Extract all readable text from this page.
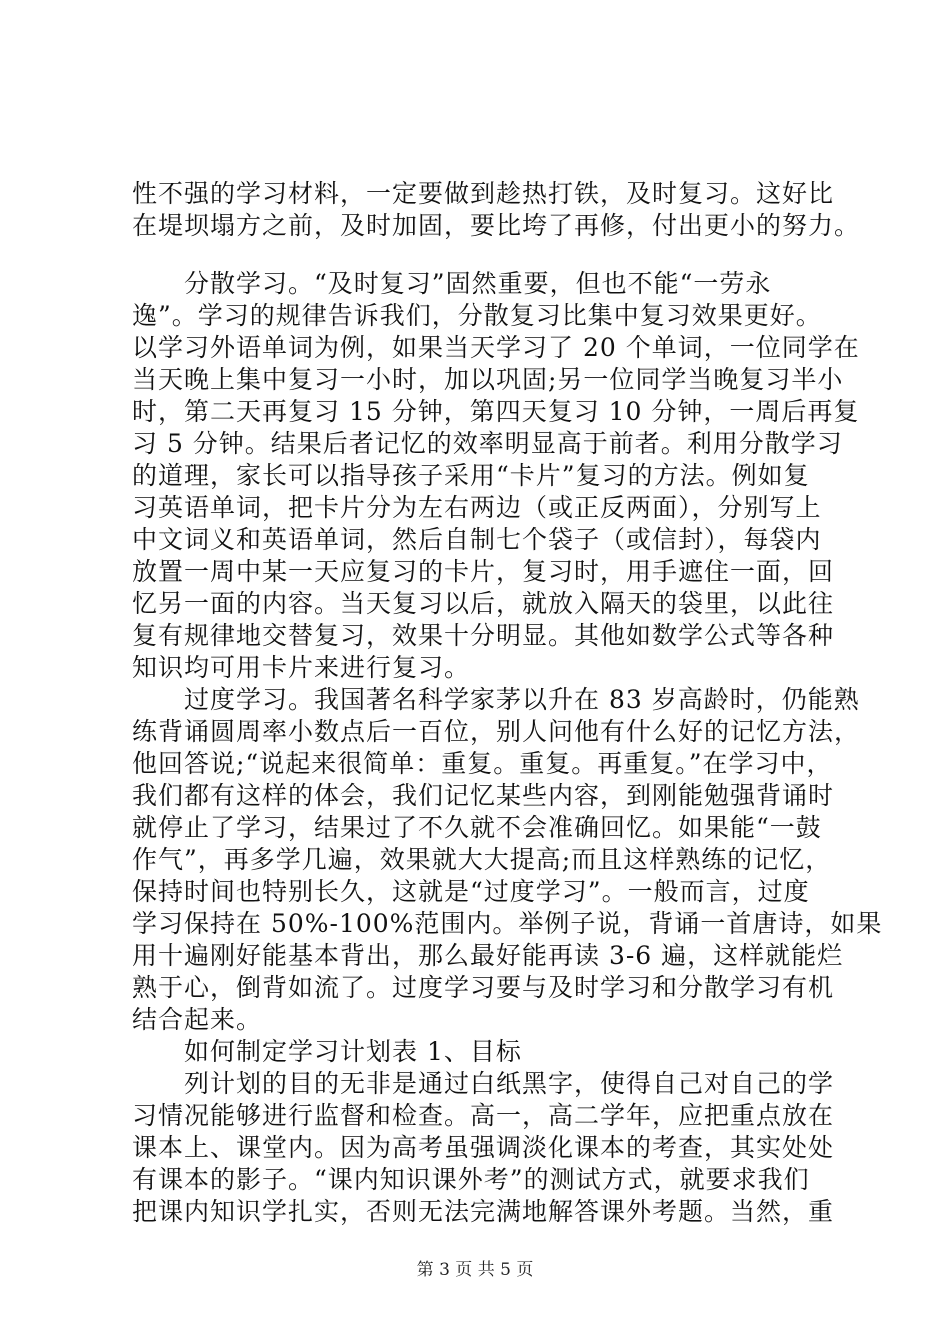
性不强的学习材料，一定要做到趁热打铁，及时复习。这好比
在堤坝塌方之前，及时加固，要比垮了再修，付出更小的努力。
　　分散学习。“及时复习”固然重要，但也不能“一劳永
逸”。学习的规律告诉我们，分散复习比集中复习效果更好。
以学习外语单词为例，如果当天学习了 20 个单词，一位同学在
当天晚上集中复习一小时，加以巩固;另一位同学当晚复习半小
时，第二天再复习 15 分钟，第四天复习 10 分钟，一周后再复
习 5 分钟。结果后者记忆的效率明显高于前者。利用分散学习
的道理，家长可以指导孩子采用“卡片”复习的方法。例如复
习英语单词，把卡片分为左右两边（或正反两面），分别写上
中文词义和英语单词，然后自制七个袋子（或信封），每袋内
放置一周中某一天应复习的卡片，复习时，用手遮住一面，回
忆另一面的内容。当天复习以后，就放入隔天的袋里，以此往
复有规律地交替复习，效果十分明显。其他如数学公式等各种
知识均可用卡片来进行复习。
　　过度学习。我国著名科学家茅以升在 83 岁高龄时，仍能熟
练背诵圆周率小数点后一百位，别人问他有什么好的记忆方法，
他回答说;“说起来很简单：重复。重复。再重复。”在学习中，
我们都有这样的体会，我们记忆某些内容，到刚能勉强背诵时
就停止了学习，结果过了不久就不会准确回忆。如果能“一鼓
作气”，再多学几遍，效果就大大提高;而且这样熟练的记忆，
保持时间也特别长久，这就是“过度学习”。一般而言，过度
学习保持在 50%-100%范围内。举例子说，背诵一首唐诗，如果
用十遍刚好能基本背出，那么最好能再读 3-6 遍，这样就能烂
熟于心，倒背如流了。过度学习要与及时学习和分散学习有机
结合起来。
　　如何制定学习计划表 1、目标
　　列计划的目的无非是通过白纸黑字，使得自己对自己的学
习情况能够进行监督和检查。高一，高二学年，应把重点放在
课本上、课堂内。因为高考虽强调淡化课本的考查，其实处处
有课本的影子。“课内知识课外考”的测试方式，就要求我们
把课内知识学扎实，否则无法完满地解答课外考题。当然，重
第 3 页 共 5 页
